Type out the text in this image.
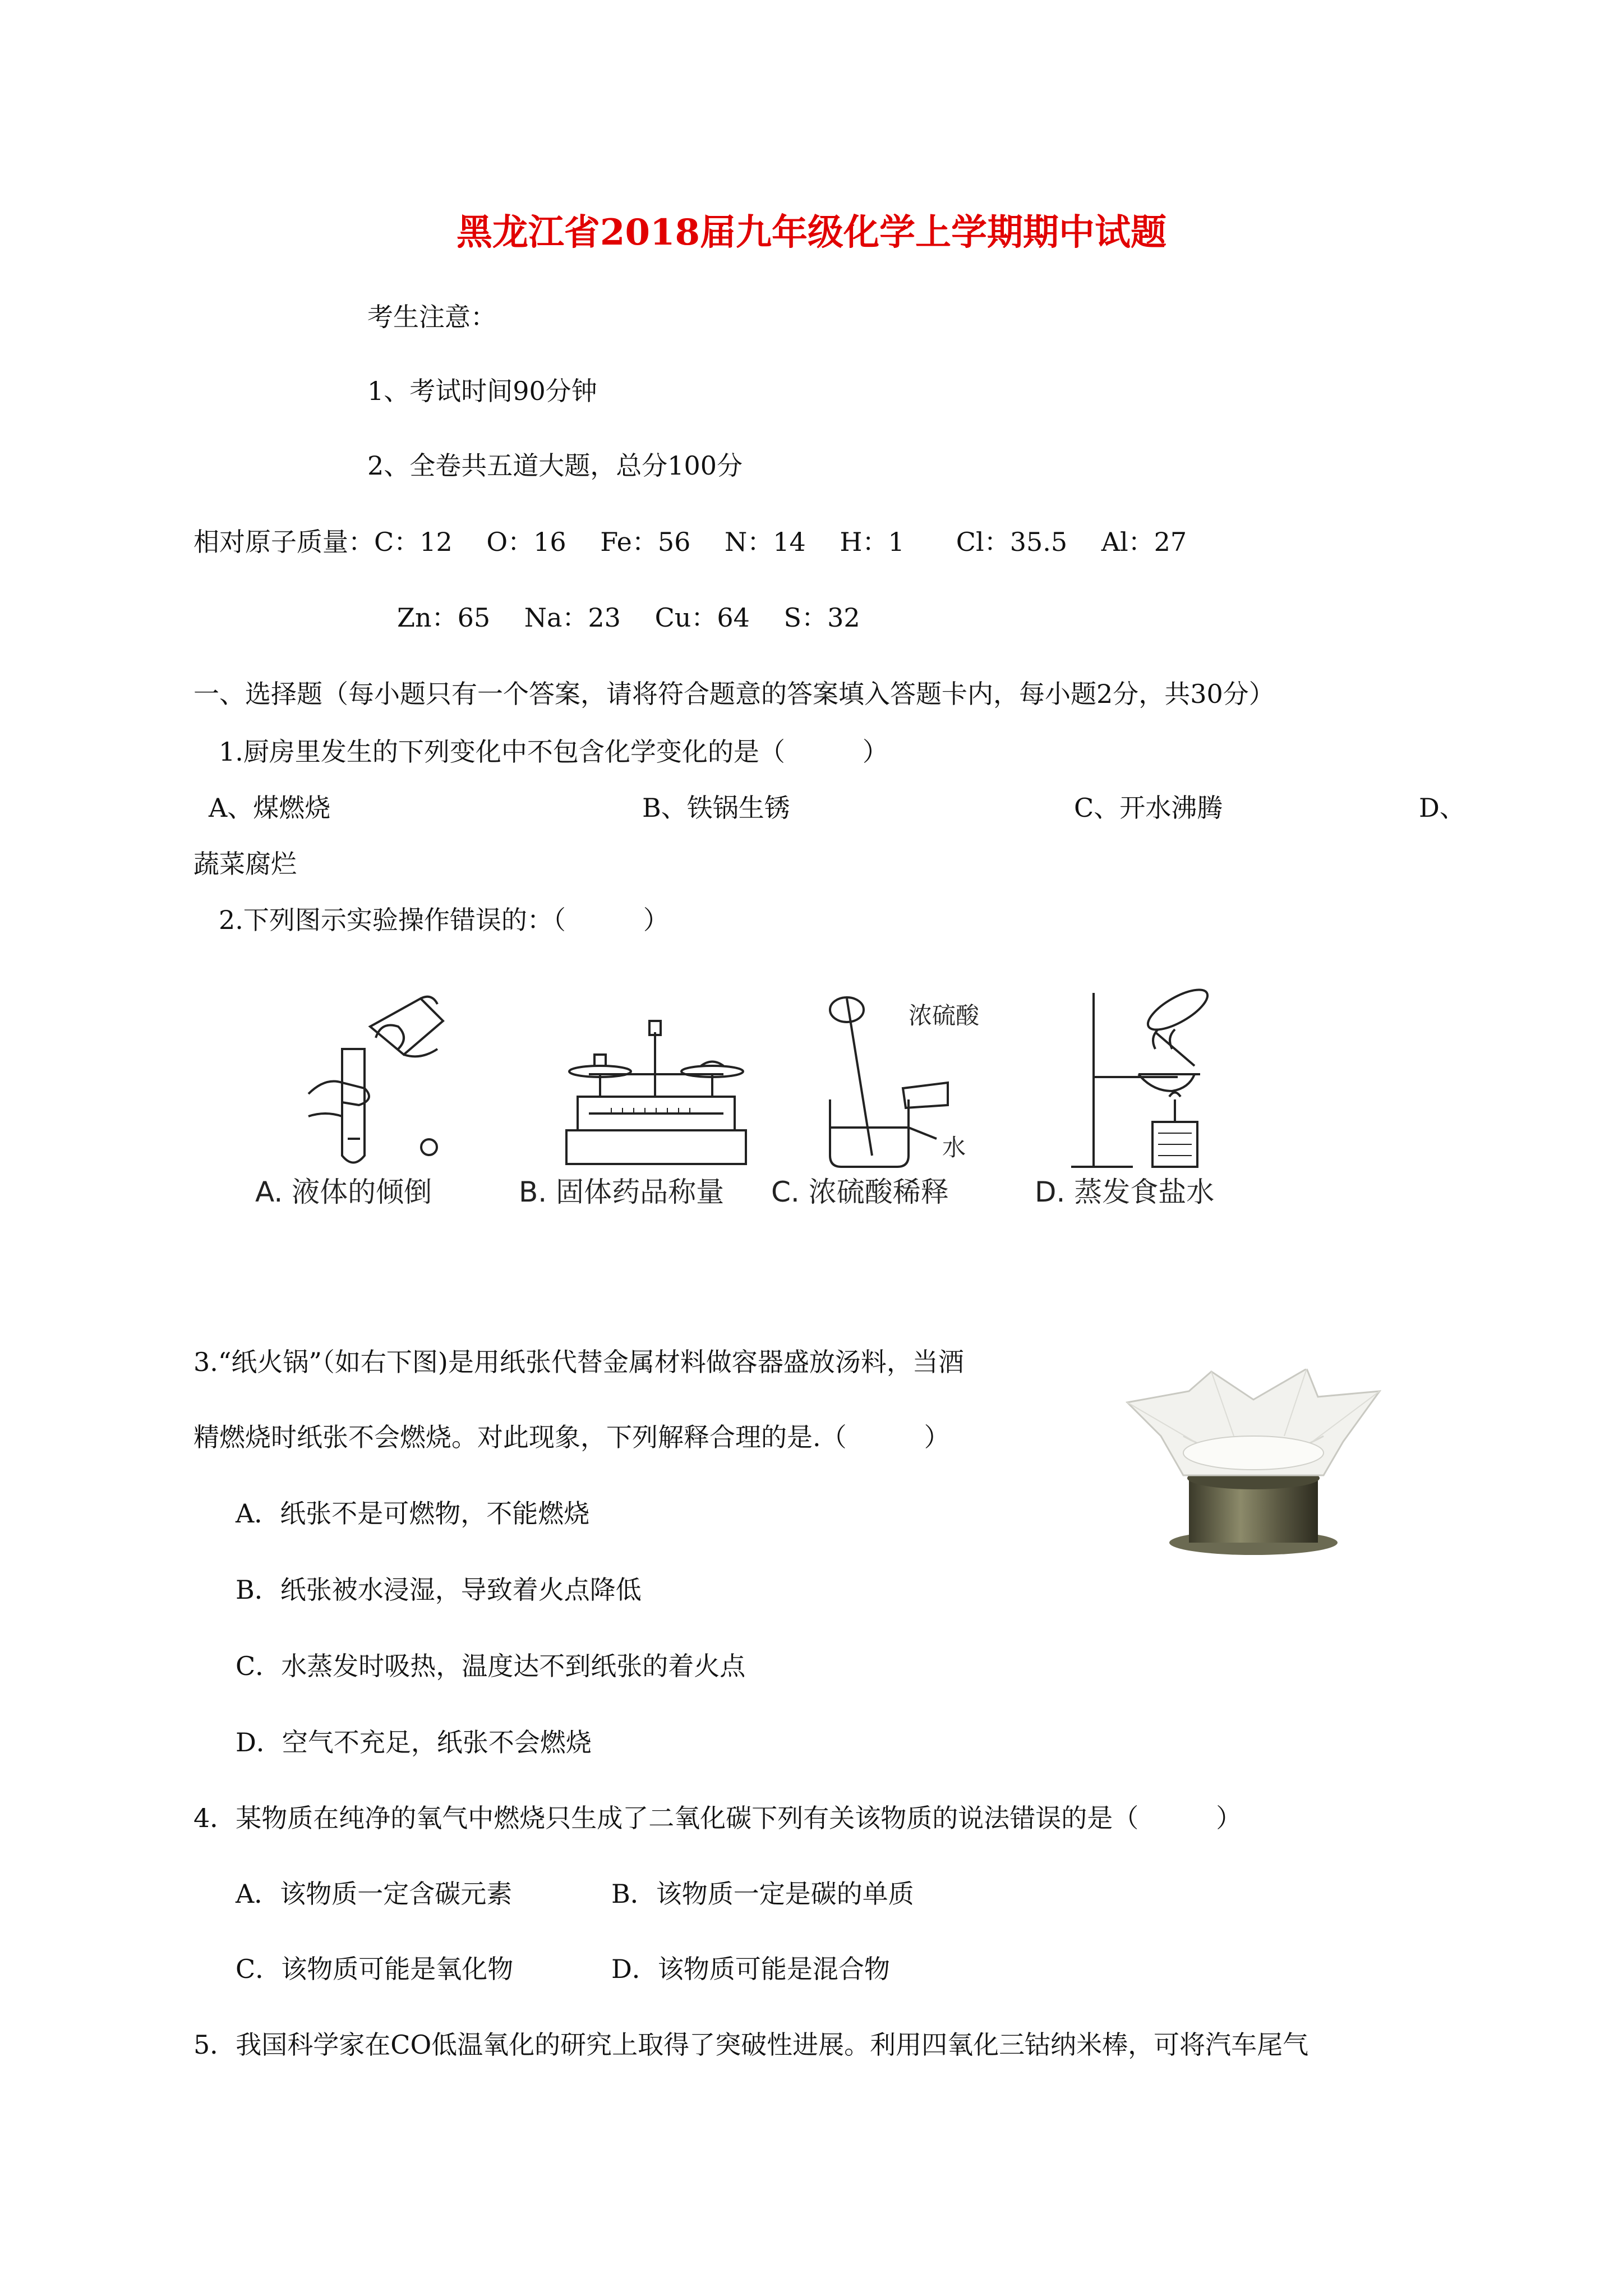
黑龙江省2018届九年级化学上学期期中试题
考生注意：
1、考试时间90分钟
2、全卷共五道大题，总分100分
相对原子质量：C：12　 O：16　 Fe：56　 N：14　 H：1　　Cl：35.5　 Al：27
Zn：65　 Na：23　 Cu：64　 S：32
一、选择题（每小题只有一个答案，请将符合题意的答案填入答题卡内，每小题2分，共30分）
1.厨房里发生的下列变化中不包含化学变化的是（　　　）
A、煤燃烧	B、铁锅生锈	C、开水沸腾	D、
蔬菜腐烂
2.下列图示实验操作错误的：（　　　）
浓硫酸
水
A. 液体的倾倒	B. 固体药品称量 C. 浓硫酸稀释	D. 蒸发食盐水
3.“纸火锅”（如右下图)是用纸张代替金属材料做容器盛放汤料，当酒
精燃烧时纸张不会燃烧。对此现象，下列解释合理的是.（　　　）
A．纸张不是可燃物，不能燃烧
B．纸张被水浸湿，导致着火点降低
C．水蒸发时吸热，温度达不到纸张的着火点
D．空气不充足，纸张不会燃烧
4．某物质在纯净的氧气中燃烧只生成了二氧化碳下列有关该物质的说法错误的是（　　　）
A．该物质一定含碳元素	B．该物质一定是碳的单质
C．该物质可能是氧化物	D．该物质可能是混合物
5．我国科学家在CO低温氧化的研究上取得了突破性进展。利用四氧化三钴纳米棒，可将汽车尾气
